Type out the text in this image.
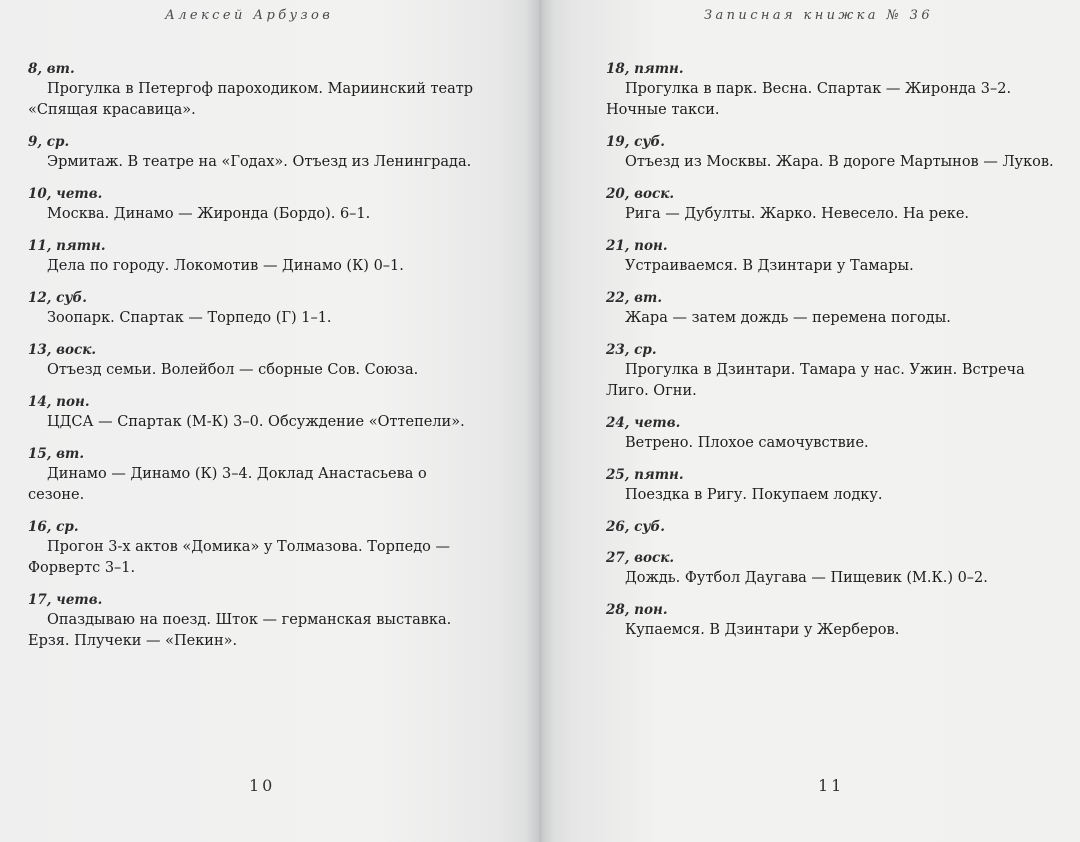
Алексей Арбузов
8, вт.

Прогулка в Петергоф пароходиком. Мариинский театр «Спящая красавица».

9, ср.

Эрмитаж. В театре на «Годах». Отъезд из Ленинграда.

10, четв.

Москва. Динамо — Жиронда (Бордо). 6–1.

11, пятн.

Дела по городу. Локомотив — Динамо (К) 0–1.

12, суб.

Зоопарк. Спартак — Торпедо (Г) 1–1.

13, воск.

Отъезд семьи. Волейбол — сборные Сов. Союза.

14, пон.

ЦДСА — Спартак (М-К) 3–0. Обсуждение «Оттепели».

15, вт.

Динамо — Динамо (К) 3–4. Доклад Анастасьева о сезоне.

16, ср.

Прогон 3-х актов «Домика» у Толмазова. Торпедо — Форвертс 3–1.

17, четв.

Опаздываю на поезд. Шток — германская выставка. Ерзя. Плучеки — «Пекин».

10
Записная книжка № 36
18, пятн.

Прогулка в парк. Весна. Спартак — Жиронда 3–2. Ночные такси.

19, суб.

Отъезд из Москвы. Жара. В дороге Мартынов — Луков.

20, воск.

Рига — Дубулты. Жарко. Невесело. На реке.

21, пон.

Устраиваемся. В Дзинтари у Тамары.

22, вт.

Жара — затем дождь — перемена погоды.

23, ср.

Прогулка в Дзинтари. Тамара у нас. Ужин. Встреча Лиго. Огни.

24, четв.

Ветрено. Плохое самочувствие.

25, пятн.

Поездка в Ригу. Покупаем лодку.

26, суб.

27, воск.

Дождь. Футбол Даугава — Пищевик (М.К.) 0–2.

28, пон.

Купаемся. В Дзинтари у Жерберов.

11
